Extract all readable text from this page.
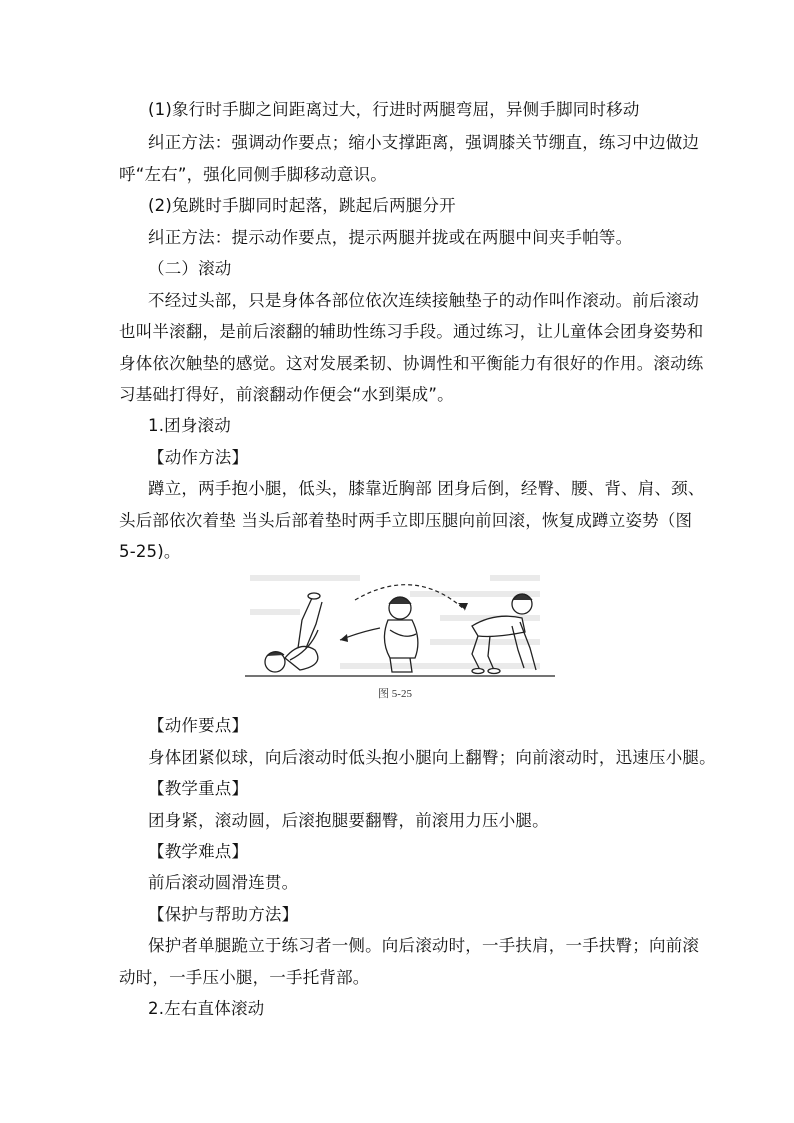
(1)象行时手脚之间距离过大，行进时两腿弯屈，异侧手脚同时移动
纠正方法：强调动作要点；缩小支撑距离，强调膝关节绷直，练习中边做边
呼“左右”，强化同侧手脚移动意识。
(2)兔跳时手脚同时起落，跳起后两腿分开
纠正方法：提示动作要点，提示两腿并拢或在两腿中间夹手帕等。
（二）滚动
不经过头部，只是身体各部位依次连续接触垫子的动作叫作滚动。前后滚动
也叫半滚翻，是前后滚翻的辅助性练习手段。通过练习，让儿童体会团身姿势和
身体依次触垫的感觉。这对发展柔韧、协调性和平衡能力有很好的作用。滚动练
习基础打得好，前滚翻动作便会“水到渠成”。
1.团身滚动
【动作方法】
蹲立，两手抱小腿，低头，膝靠近胸部 团身后倒，经臀、腰、背、肩、颈、
头后部依次着垫 当头后部着垫时两手立即压腿向前回滚，恢复成蹲立姿势（图
5-25)。
图 5-25
【动作要点】
身体团紧似球，向后滚动时低头抱小腿向上翻臀；向前滚动时，迅速压小腿。
【教学重点】
团身紧，滚动圆，后滚抱腿要翻臀，前滚用力压小腿。
【教学难点】
前后滚动圆滑连贯。
【保护与帮助方法】
保护者单腿跪立于练习者一侧。向后滚动时，一手扶肩，一手扶臀；向前滚
动时，一手压小腿，一手托背部。
2.左右直体滚动
